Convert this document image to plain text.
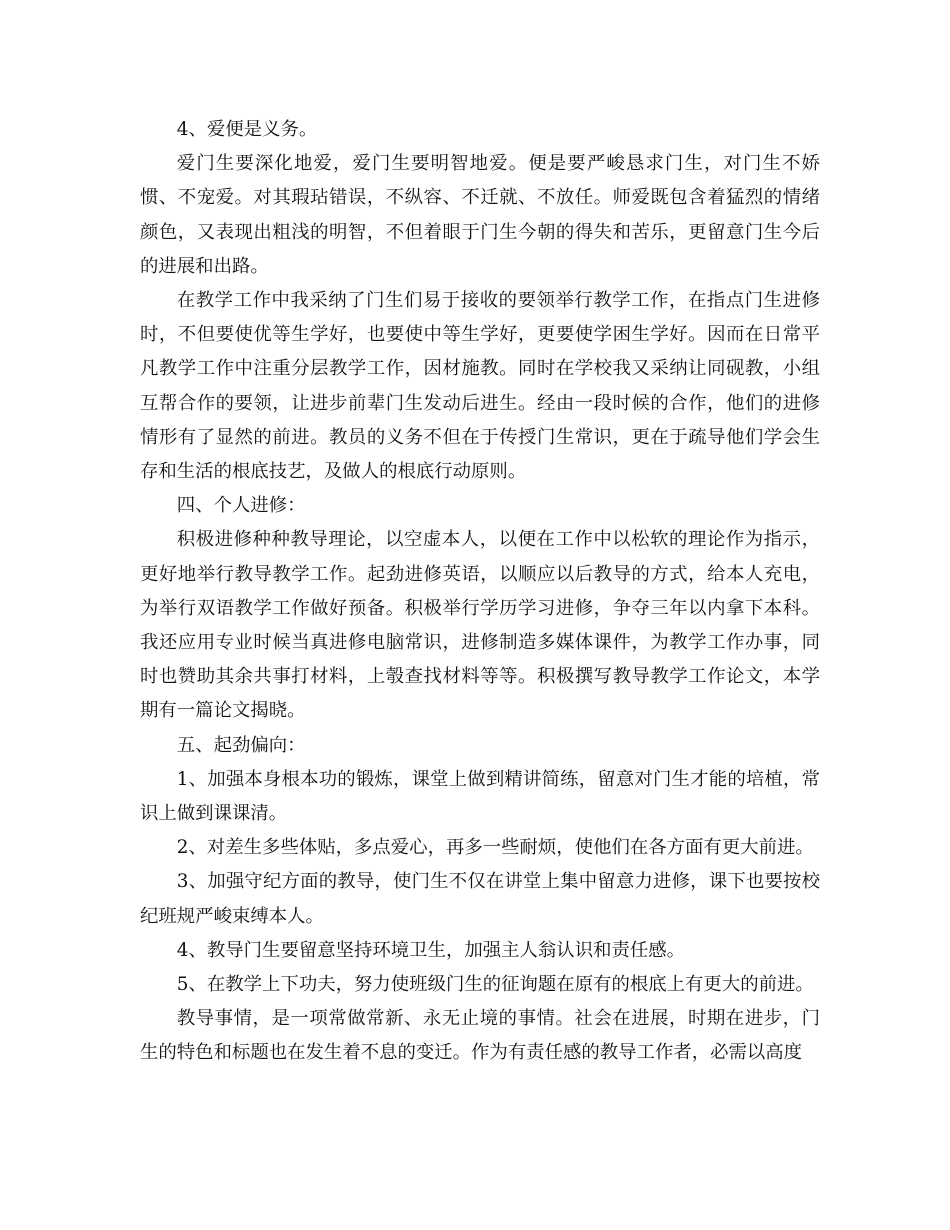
4、爱便是义务。

爱门生要深化地爱，爱门生要明智地爱。便是要严峻恳求门生，对门生不娇惯、不宠爱。对其瑕玷错误，不纵容、不迁就、不放任。师爱既包含着猛烈的情绪颜色，又表现出粗浅的明智，不但着眼于门生今朝的得失和苦乐，更留意门生今后的进展和出路。

在教学工作中我采纳了门生们易于接收的要领举行教学工作，在指点门生进修时，不但要使优等生学好，也要使中等生学好，更要使学困生学好。因而在日常平凡教学工作中注重分层教学工作，因材施教。同时在学校我又采纳让同砚教，小组互帮合作的要领，让进步前辈门生发动后进生。经由一段时候的合作，他们的进修情形有了显然的前进。教员的义务不但在于传授门生常识，更在于疏导他们学会生存和生活的根底技艺，及做人的根底行动原则。

四、个人进修：

积极进修种种教导理论，以空虚本人，以便在工作中以松软的理论作为指示，更好地举行教导教学工作。起劲进修英语，以顺应以后教导的方式，给本人充电，为举行双语教学工作做好预备。积极举行学历学习进修，争夺三年以内拿下本科。我还应用专业时候当真进修电脑常识，进修制造多媒体课件，为教学工作办事，同时也赞助其余共事打材料，上彀查找材料等等。积极撰写教导教学工作论文，本学期有一篇论文揭晓。

五、起劲偏向：

1、加强本身根本功的锻炼，课堂上做到精讲简练，留意对门生才能的培植，常识上做到课课清。

2、对差生多些体贴，多点爱心，再多一些耐烦，使他们在各方面有更大前进。

3、加强守纪方面的教导，使门生不仅在讲堂上集中留意力进修，课下也要按校纪班规严峻束缚本人。

4、教导门生要留意坚持环境卫生，加强主人翁认识和责任感。

5、在教学上下功夫，努力使班级门生的征询题在原有的根底上有更大的前进。

教导事情，是一项常做常新、永无止境的事情。社会在进展，时期在进步，门生的特色和标题也在发生着不息的变迁。作为有责任感的教导工作者，必需以高度
